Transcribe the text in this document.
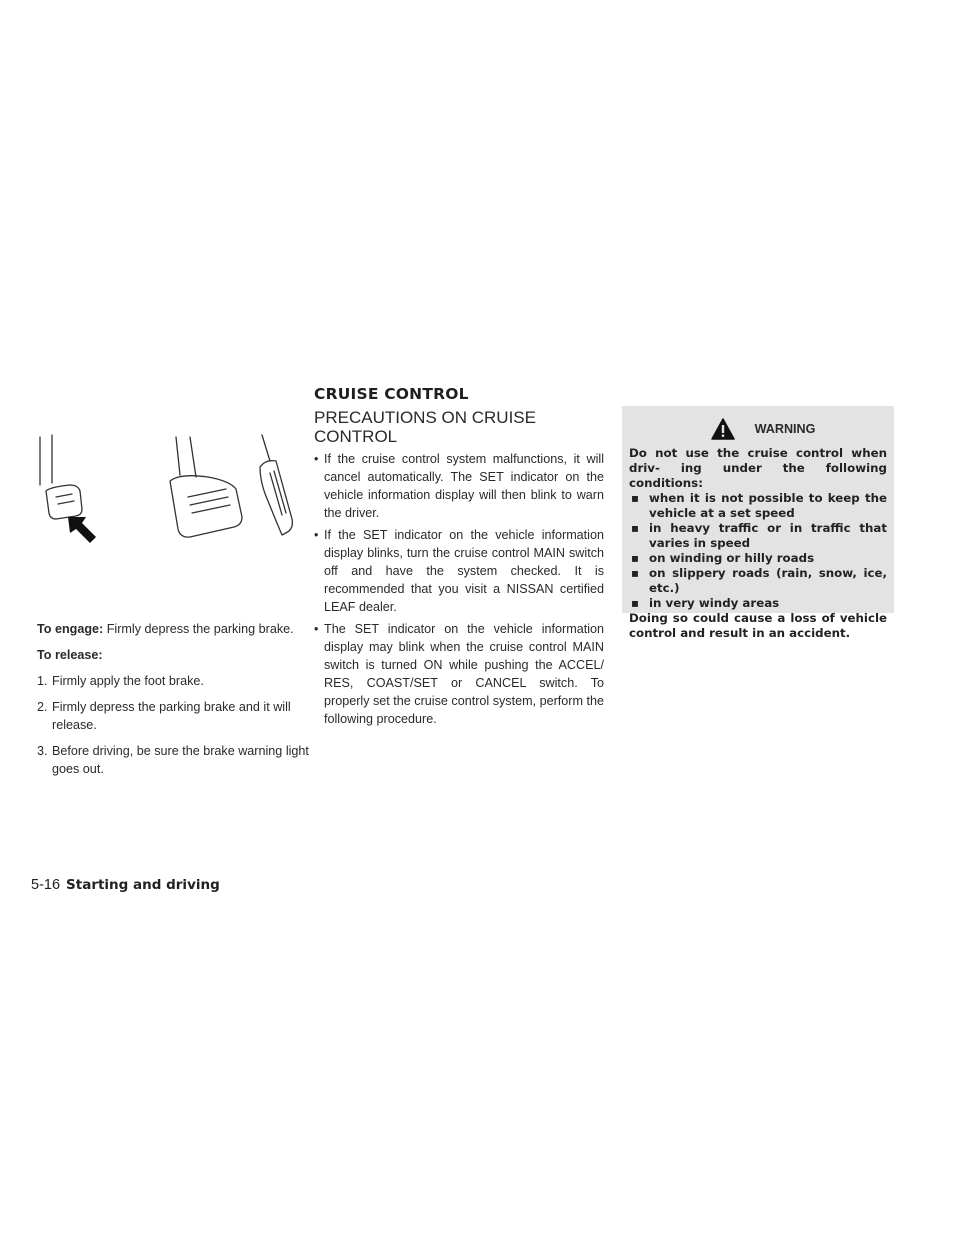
To engage: Firmly depress the parking brake.

To release:

1. Firmly apply the foot brake.
2. Firmly depress the parking brake and it will release.
3. Before driving, be sure the brake warning light goes out.
CRUISE CONTROL
PRECAUTIONS ON CRUISE CONTROL
• If the cruise control system malfunctions, it will cancel automatically. The SET indicator on the vehicle information display will then blink to warn the driver.
• If the SET indicator on the vehicle information display blinks, turn the cruise control MAIN switch off and have the system checked. It is recommended that you visit a NISSAN certified LEAF dealer.
• The SET indicator on the vehicle information display may blink when the cruise control MAIN switch is turned ON while pushing the ACCEL/ RES, COAST/SET or CANCEL switch. To properly set the cruise control system, perform the following procedure.
WARNING

Do not use the cruise control when driv- ing under the following conditions:

▪ when it is not possible to keep the vehicle at a set speed
▪ in heavy traffic or in traffic that varies in speed
▪ on winding or hilly roads
▪ on slippery roads (rain, snow, ice, etc.)
▪ in very windy areas

Doing so could cause a loss of vehicle control and result in an accident.

5-16 Starting and driving
